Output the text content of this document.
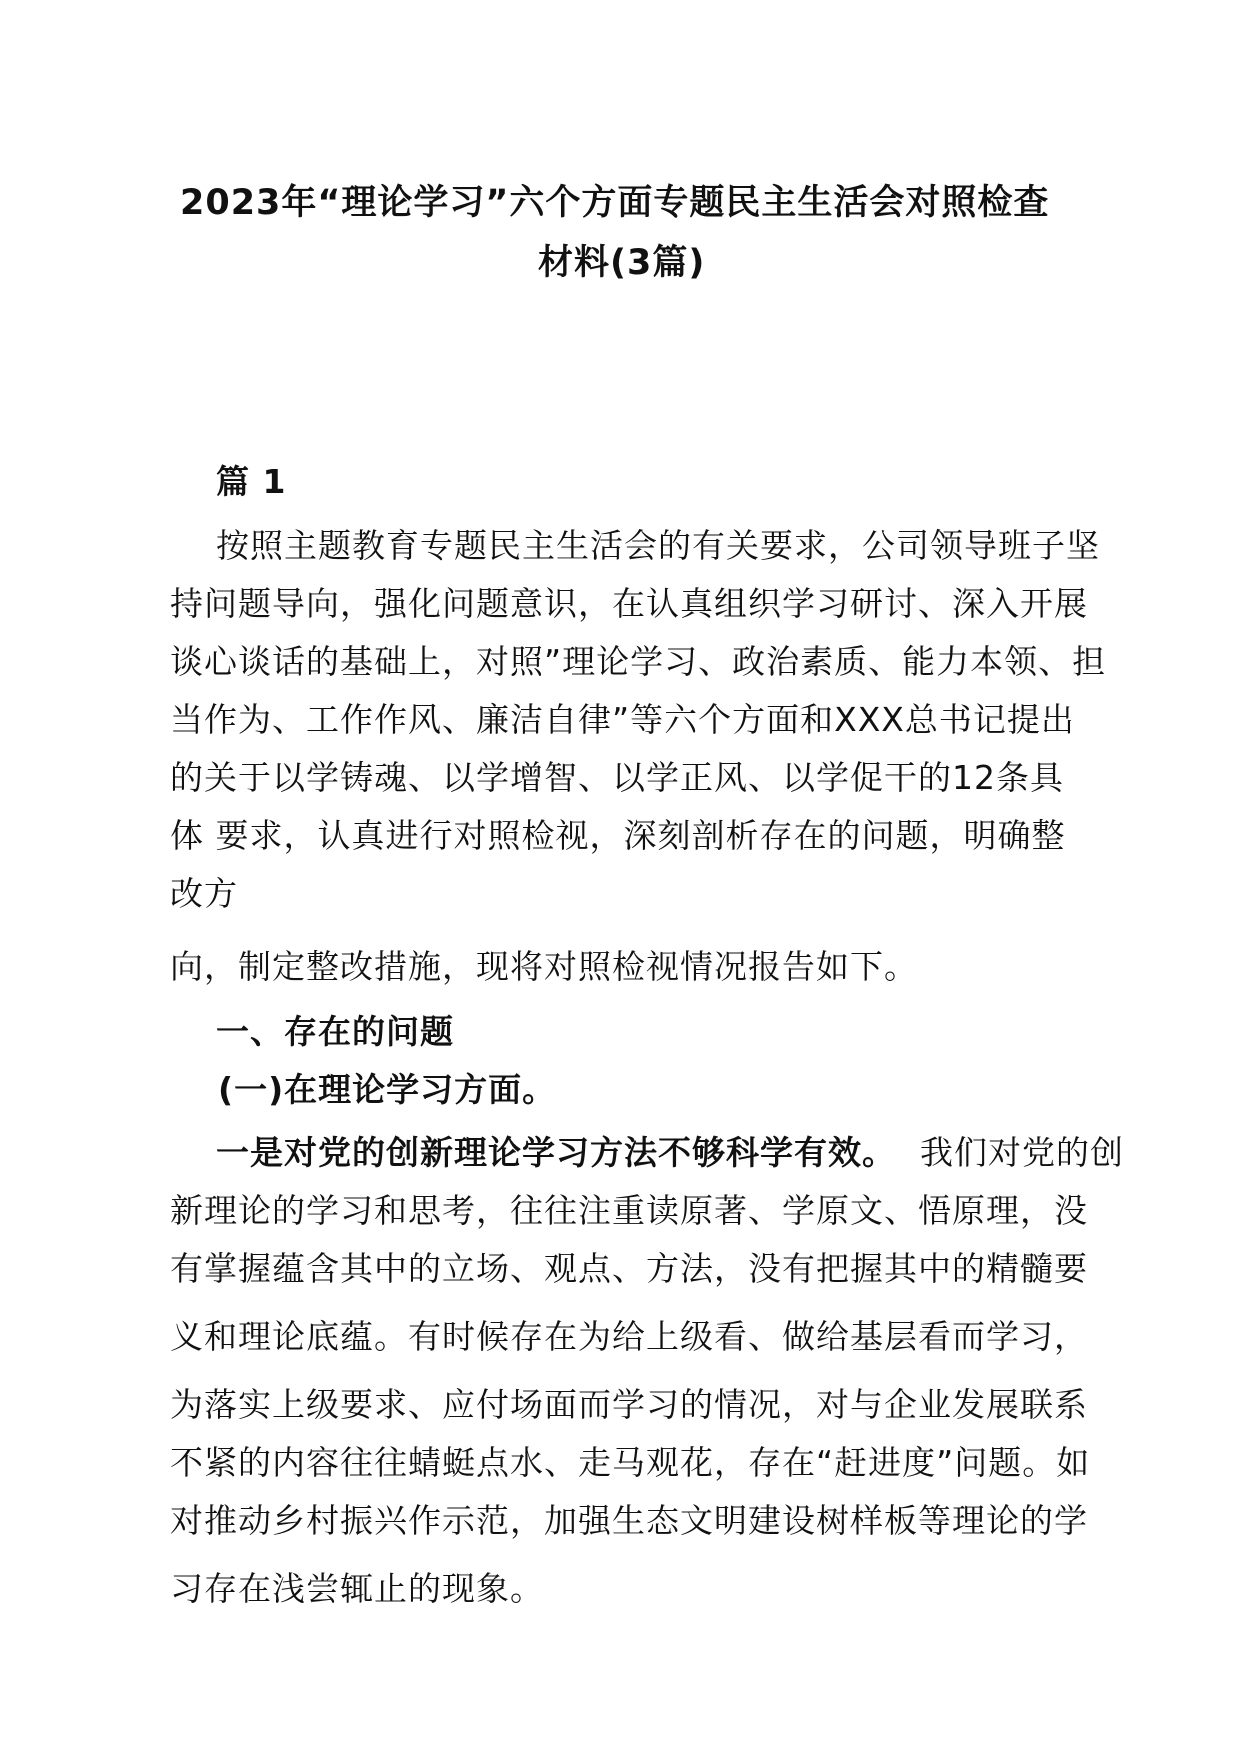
2023年“理论学习”六个方面专题民主生活会对照检查
材料(3篇)
篇 1
按照主题教育专题民主生活会的有关要求，公司领导班子坚
持问题导向，强化问题意识，在认真组织学习研讨、深入开展
谈心谈话的基础上，对照”理论学习、政治素质、能力本领、担
当作为、工作作风、廉洁自律”等六个方面和XXX总书记提出
的关于以学铸魂、以学增智、以学正风、以学促干的12条具
体 要求，认真进行对照检视，深刻剖析存在的问题，明确整
改方
向，制定整改措施，现将对照检视情况报告如下。
一、存在的问题
(一)在理论学习方面。
一是对党的创新理论学习方法不够科学有效。 我们对党的创
新理论的学习和思考，往往注重读原著、学原文、悟原理，没
有掌握蕴含其中的立场、观点、方法，没有把握其中的精髓要
义和理论底蕴。有时候存在为给上级看、做给基层看而学习，
为落实上级要求、应付场面而学习的情况，对与企业发展联系
不紧的内容往往蜻蜓点水、走马观花，存在“赶进度”问题。如
对推动乡村振兴作示范，加强生态文明建设树样板等理论的学
习存在浅尝辄止的现象。
